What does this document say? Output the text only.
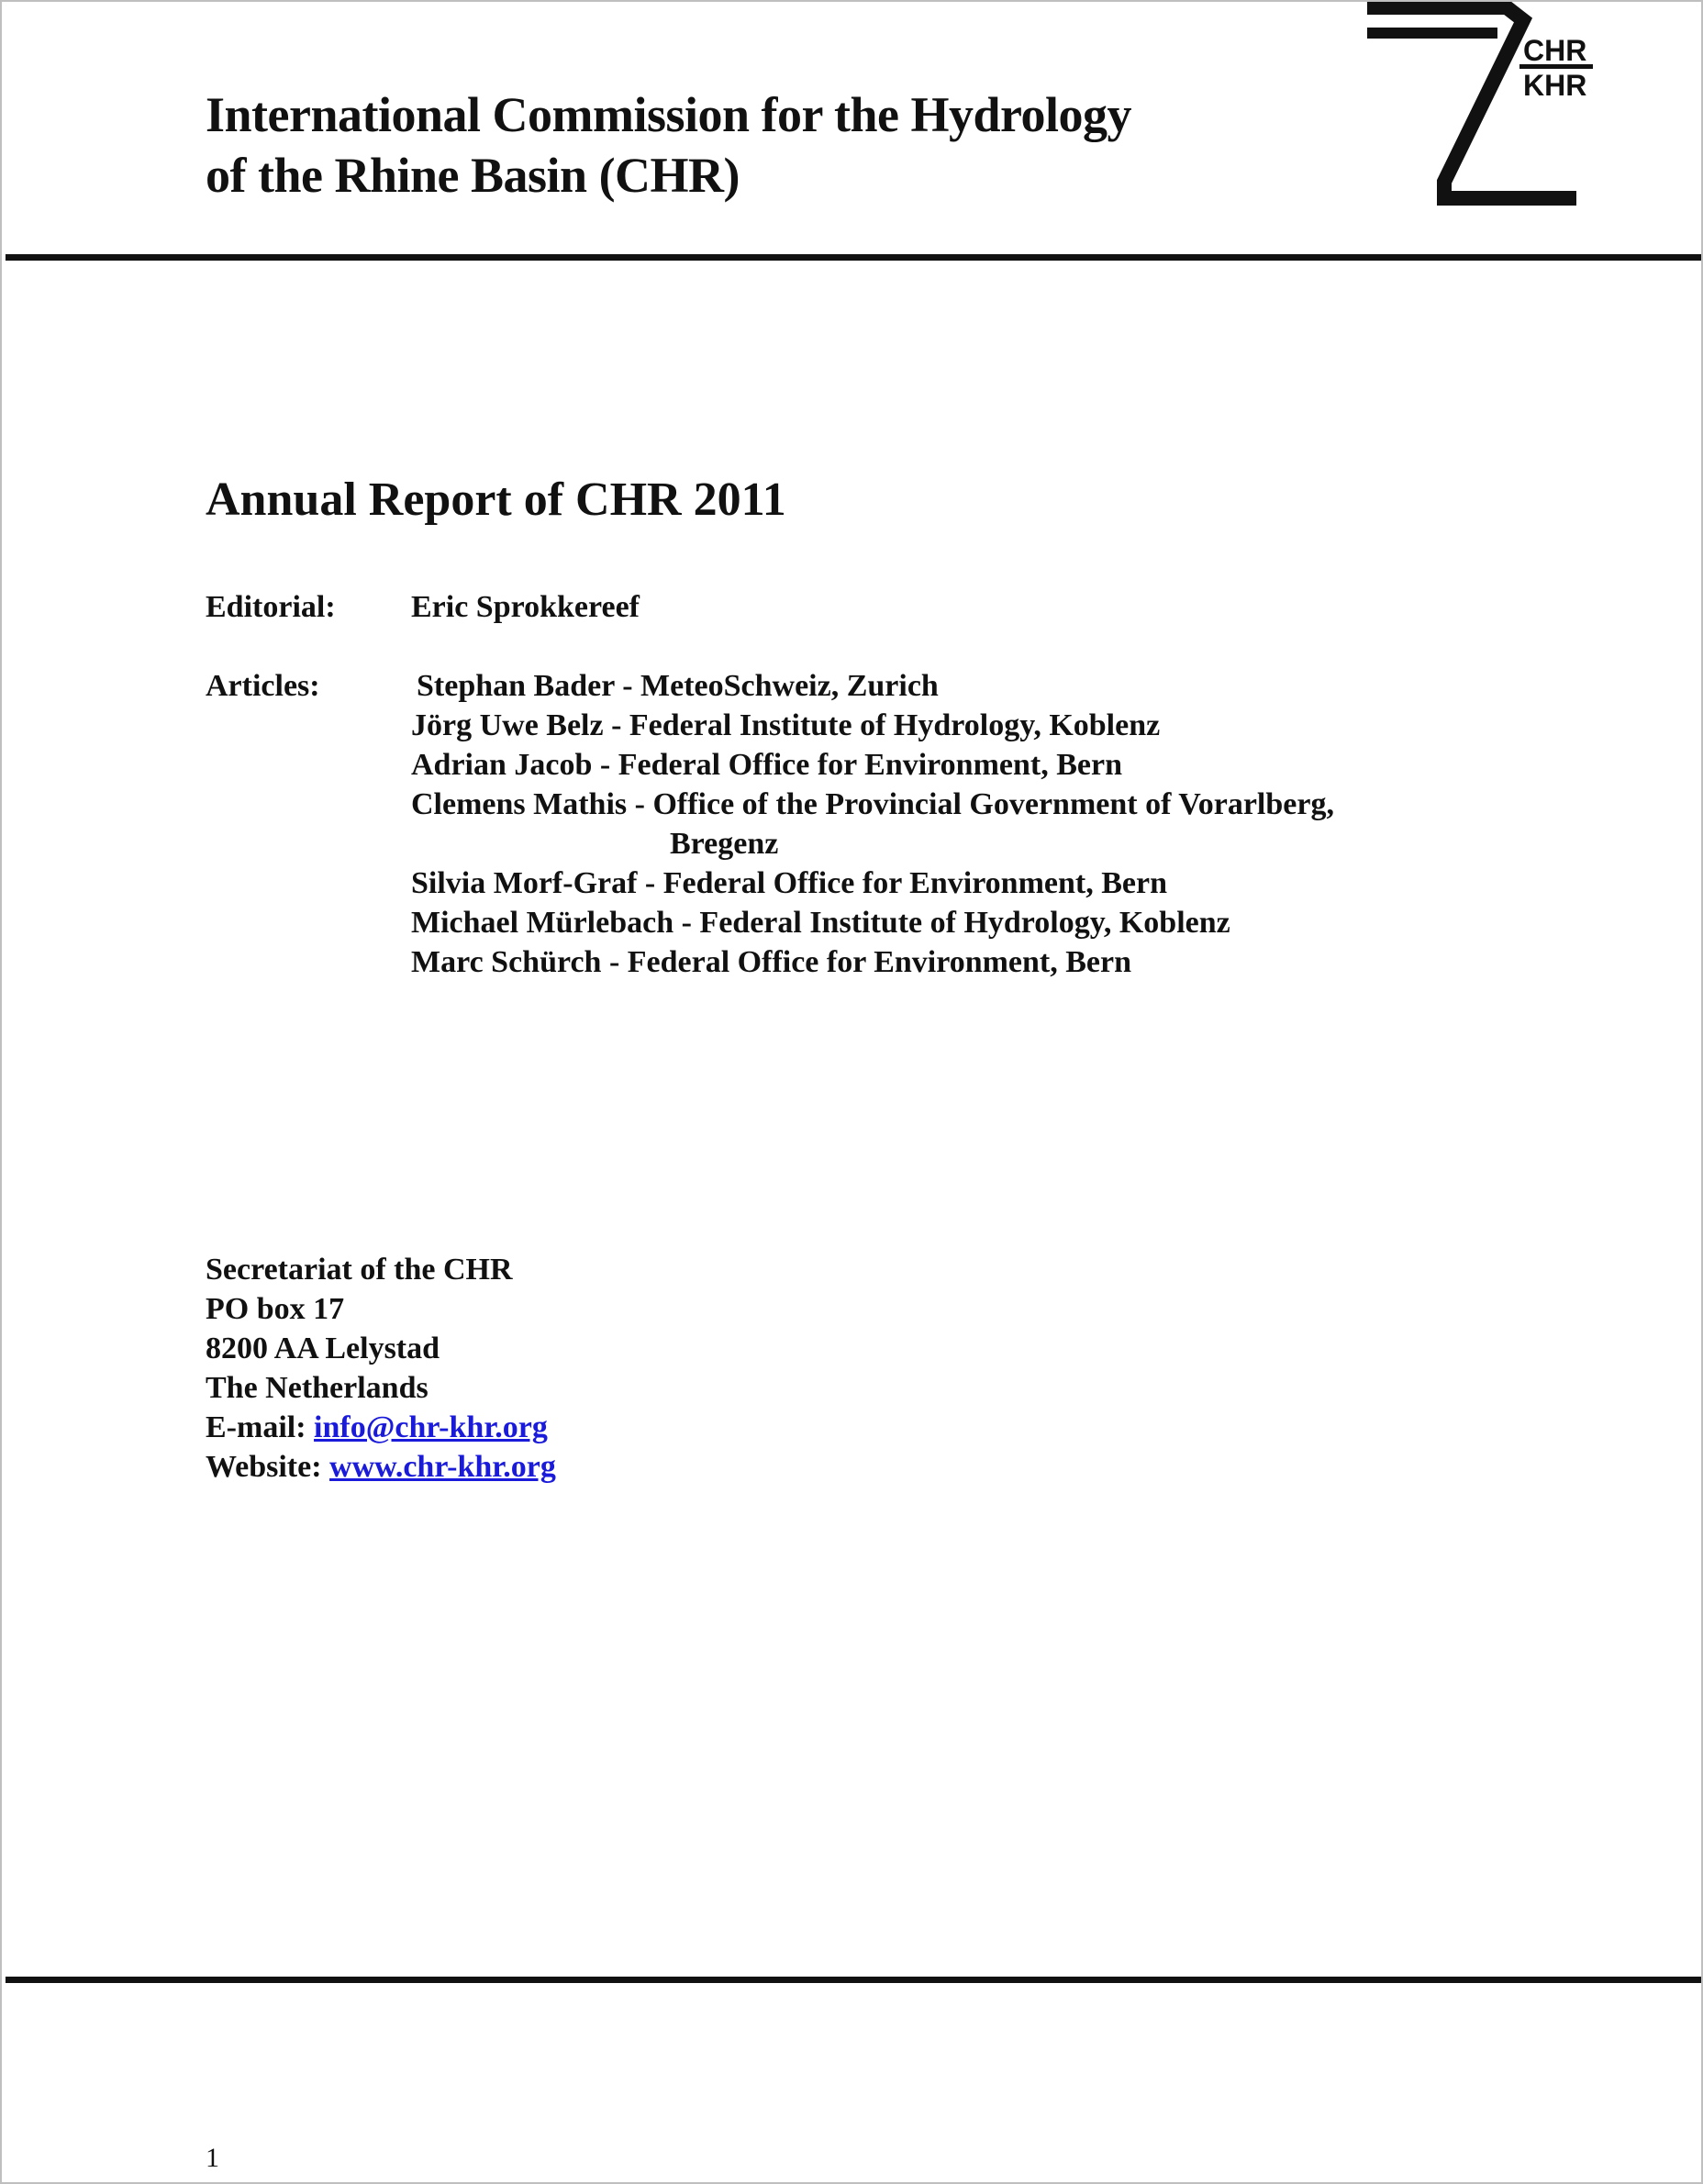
International Commission for the Hydrology
of the Rhine Basin (CHR)
CHR
KHR
Annual Report of CHR 2011
Editorial: Eric Sprokkereef
Articles:	Stephan Bader - MeteoSchweiz, Zurich
Jörg Uwe Belz - Federal Institute of Hydrology, Koblenz
Adrian Jacob - Federal Office for Environment, Bern
Clemens Mathis - Office of the Provincial Government of Vorarlberg,
Bregenz
Silvia Morf-Graf - Federal Office for Environment, Bern
Michael Mürlebach - Federal Institute of Hydrology, Koblenz
Marc Schürch - Federal Office for Environment, Bern
Secretariat of the CHR
PO box 17
8200 AA Lelystad
The Netherlands
E-mail: info@chr-khr.org
Website: www.chr-khr.org
1
